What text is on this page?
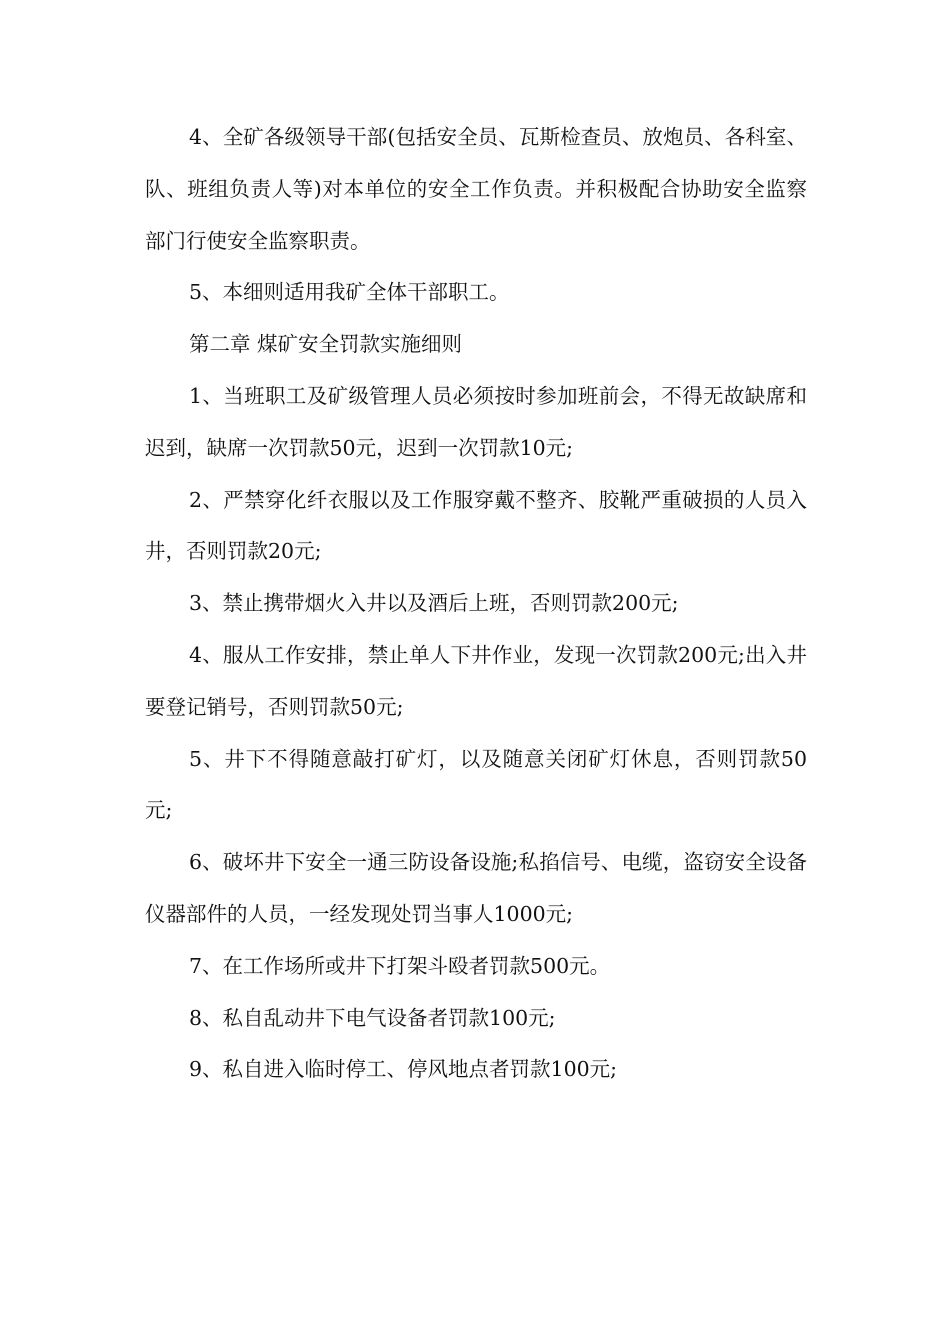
4、全矿各级领导干部(包括安全员、瓦斯检查员、放炮员、各科室、队、班组负责人等)对本单位的安全工作负责。并积极配合协助安全监察部门行使安全监察职责。

5、本细则适用我矿全体干部职工。

第二章 煤矿安全罚款实施细则

1、当班职工及矿级管理人员必须按时参加班前会，不得无故缺席和迟到，缺席一次罚款50元，迟到一次罚款10元;

2、严禁穿化纤衣服以及工作服穿戴不整齐、胶靴严重破损的人员入井，否则罚款20元;

3、禁止携带烟火入井以及酒后上班，否则罚款200元;

4、服从工作安排，禁止单人下井作业，发现一次罚款200元;出入井要登记销号，否则罚款50元;

5、井下不得随意敲打矿灯，以及随意关闭矿灯休息，否则罚款50元;

6、破坏井下安全一通三防设备设施;私掐信号、电缆，盗窃安全设备仪器部件的人员，一经发现处罚当事人1000元;

7、在工作场所或井下打架斗殴者罚款500元。

8、私自乱动井下电气设备者罚款100元;

9、私自进入临时停工、停风地点者罚款100元;
